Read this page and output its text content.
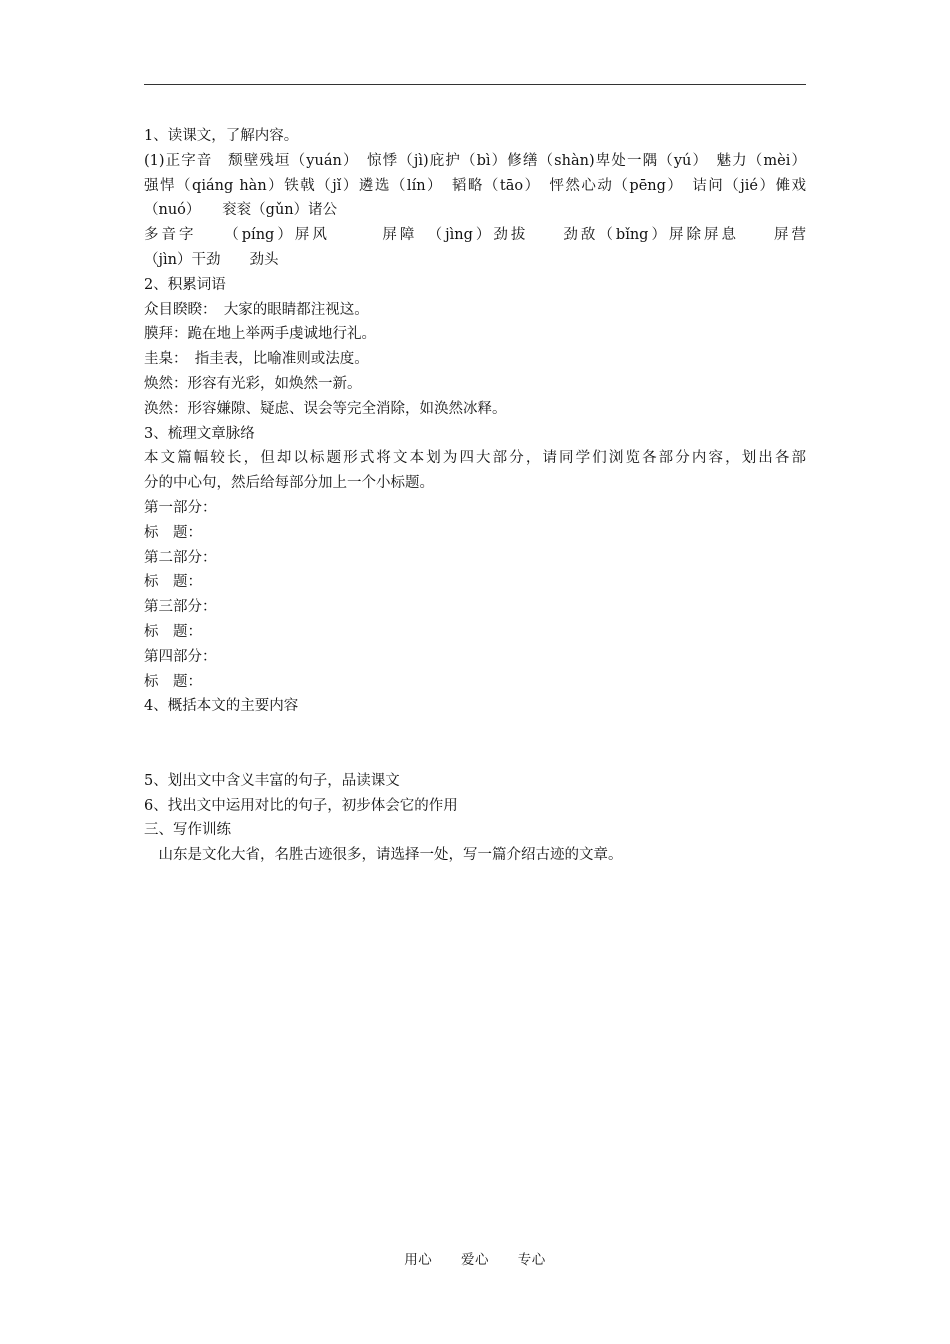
1、读课文，了解内容。
(1)正字音　颓壁残垣（yuán）　惊悸（jì)庇护（bì）修缮（shàn)卑处一隅（yú）　魅力（mèi）
强悍（qiáng hàn）铁戟（jǐ）遴选（lín）　韬略（tāo）　怦然心动（pēng）　诘问（jié）傩戏
（nuó）　　衮衮（gǔn）诸公
多音字　　（píng）屏风　　　屏障　（jìng）劲拔　　劲敌（bǐng）屏除屏息　　屏营
（jìn）干劲　　劲头
2、积累词语
众目睽睽：　大家的眼睛都注视这。
膜拜：跪在地上举两手虔诚地行礼。
圭臬：　指圭表，比喻准则或法度。
焕然：形容有光彩，如焕然一新。
涣然：形容嫌隙、疑虑、误会等完全消除，如涣然冰释。
3、梳理文章脉络
本文篇幅较长，但却以标题形式将文本划为四大部分，请同学们浏览各部分内容，划出各部
分的中心句，然后给每部分加上一个小标题。
第一部分：
标　题：
第二部分：
标　题：
第三部分：
标　题：
第四部分：
标　题：
4、概括本文的主要内容
5、划出文中含义丰富的句子，品读课文
6、找出文中运用对比的句子，初步体会它的作用
三、写作训练
　山东是文化大省，名胜古迹很多，请选择一处，写一篇介绍古迹的文章。
用心 爱心 专心
